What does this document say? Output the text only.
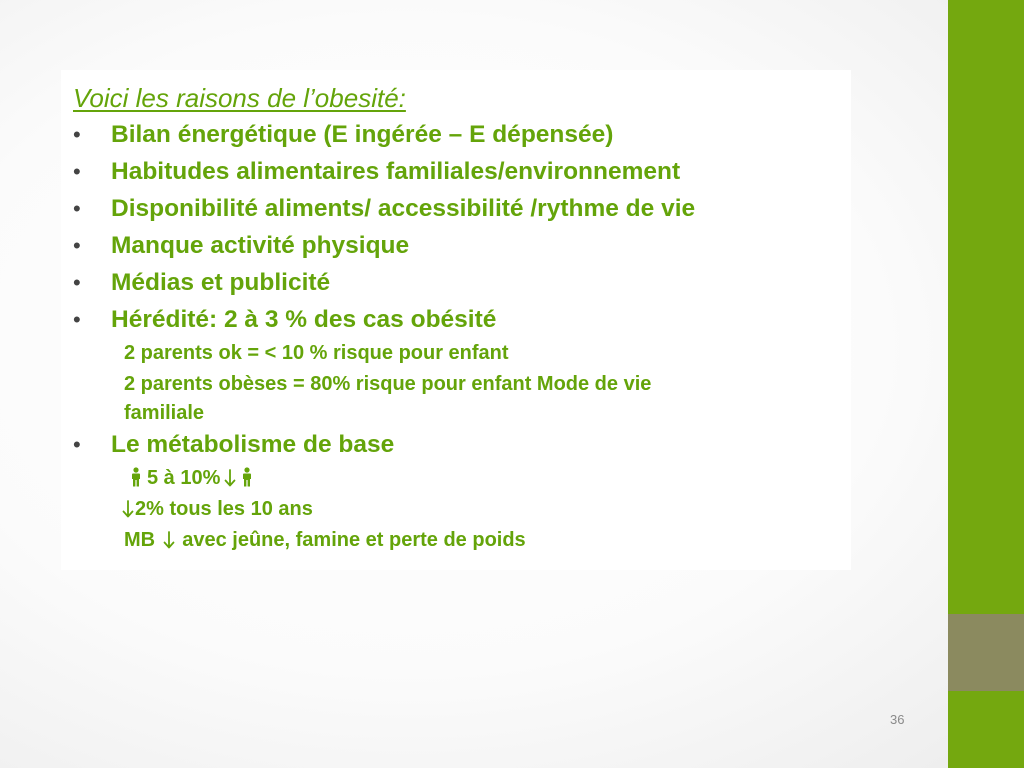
Voici les raisons de l’obesité:

• Bilan énergétique (E ingérée – E dépensée)
• Habitudes alimentaires familiales/environnement
• Disponibilité aliments/ accessibilité /rythme de vie
• Manque activité physique
• Médias et publicité
• Hérédité: 2 à 3 % des cas obésité
2 parents ok = < 10 % risque pour enfant
2 parents obèses = 80% risque pour enfant Mode de vie
familiale
• Le métabolisme de base
5 à 10%
2% tous les 10 ans
MB avec jeûne, famine et perte de poids
36
